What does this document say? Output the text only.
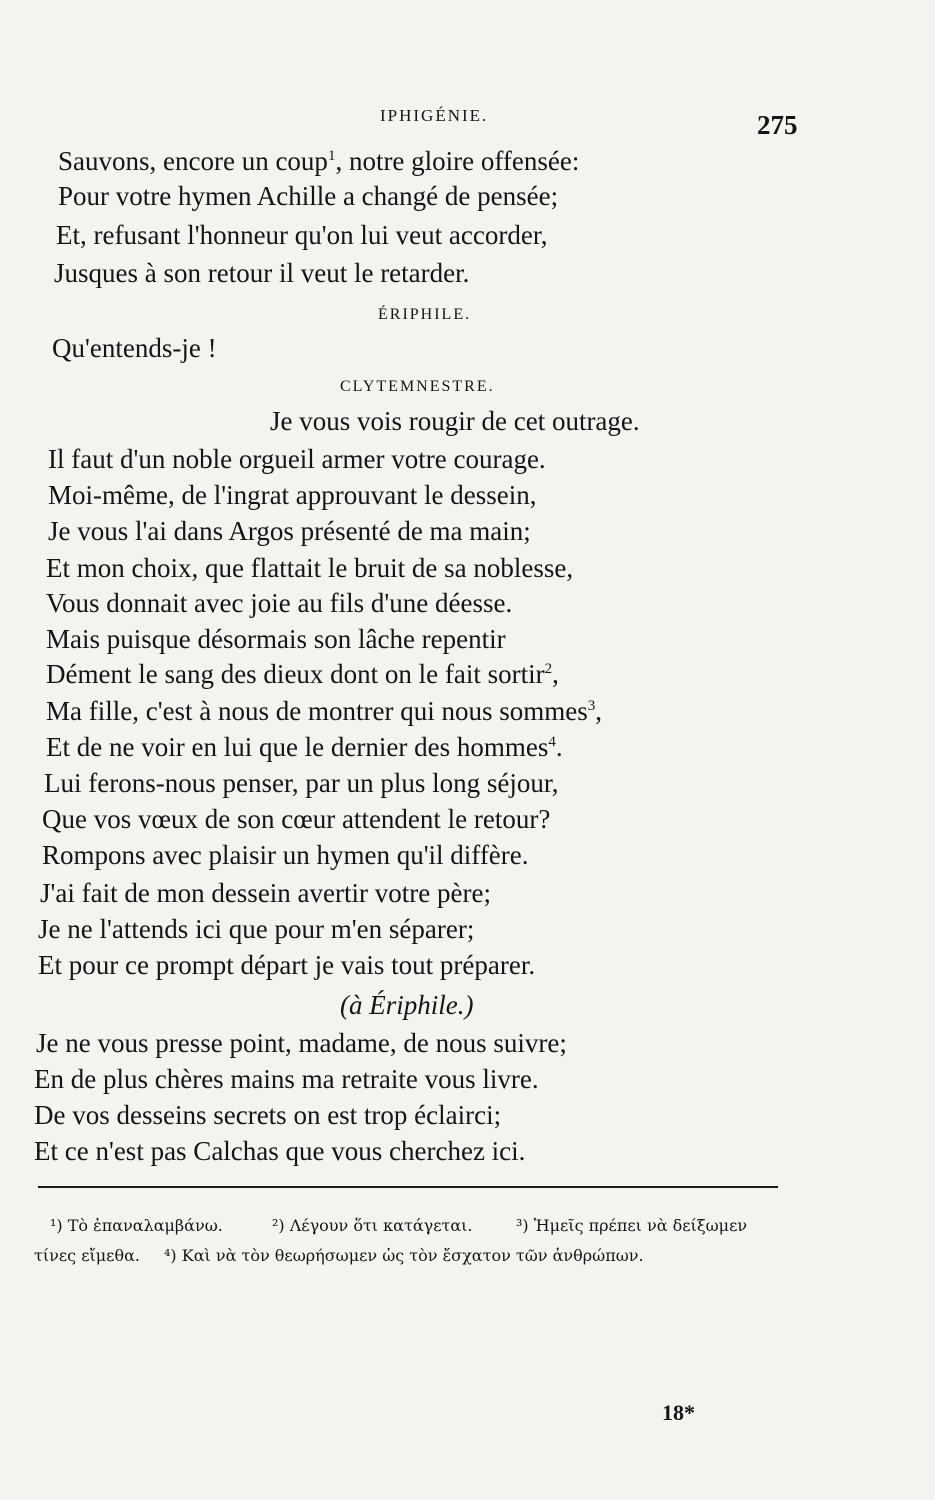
IPHIGÉNIE.	275
Sauvons, encore un coup$^1$, notre gloire offensée:
Pour votre hymen Achille a changé de pensée;
Et, refusant l'honneur qu'on lui veut accorder,
Jusques à son retour il veut le retarder.
ÉRIPHILE.
Qu'entends-je !
CLYTEMNESTRE.
Je vous vois rougir de cet outrage.
Il faut d'un noble orgueil armer votre courage.
Moi-même, de l'ingrat approuvant le dessein,
Je vous l'ai dans Argos présenté de ma main;
Et mon choix, que flattait le bruit de sa noblesse,
Vous donnait avec joie au fils d'une déesse.
Mais puisque désormais son lâche repentir
Dément le sang des dieux dont on le fait sortir$^2$,
Ma fille, c'est à nous de montrer qui nous sommes$^3$,
Et de ne voir en lui que le dernier des hommes$^4$.
Lui ferons-nous penser, par un plus long séjour,
Que vos vœux de son cœur attendent le retour?
Rompons avec plaisir un hymen qu'il diffère.
J'ai fait de mon dessein avertir votre père;
Je ne l'attends ici que pour m'en séparer;
Et pour ce prompt départ je vais tout préparer.
(à Ériphile.)
Je ne vous presse point, madame, de nous suivre;
En de plus chères mains ma retraite vous livre.
De vos desseins secrets on est trop éclairci;
Et ce n'est pas Calchas que vous cherchez ici.
¹) Τὸ ἐπαναλαμβάνω.	²) Λέγουν ὅτι κατάγεται.	³) Ἡμεῖς πρέπει νὰ δείξωμεν
τίνες εἴμεθα. ⁴) Καὶ νὰ τὸν θεωρήσωμεν ὡς τὸν ἔσχατον τῶν ἀνθρώπων.
18*
